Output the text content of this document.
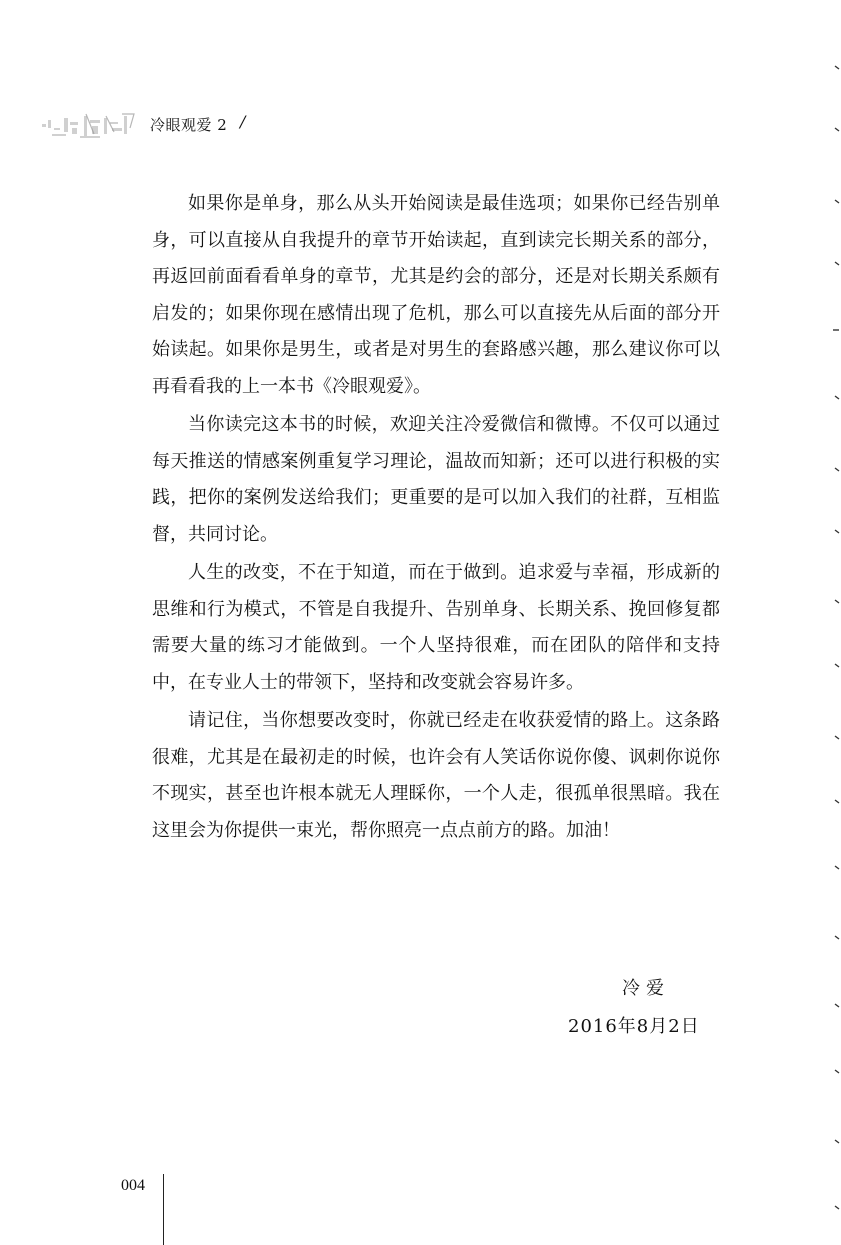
冷眼观爱 2 /

如果你是单身，那么从头开始阅读是最佳选项；如果你已经告别单身，可以直接从自我提升的章节开始读起，直到读完长期关系的部分，再返回前面看看单身的章节，尤其是约会的部分，还是对长期关系颇有启发的；如果你现在感情出现了危机，那么可以直接先从后面的部分开始读起。如果你是男生，或者是对男生的套路感兴趣，那么建议你可以再看看我的上一本书《冷眼观爱》。

当你读完这本书的时候，欢迎关注冷爱微信和微博。不仅可以通过每天推送的情感案例重复学习理论，温故而知新；还可以进行积极的实践，把你的案例发送给我们；更重要的是可以加入我们的社群，互相监督，共同讨论。

人生的改变，不在于知道，而在于做到。追求爱与幸福，形成新的思维和行为模式，不管是自我提升、告别单身、长期关系、挽回修复都需要大量的练习才能做到。一个人坚持很难，而在团队的陪伴和支持中，在专业人士的带领下，坚持和改变就会容易许多。

请记住，当你想要改变时，你就已经走在收获爱情的路上。这条路很难，尤其是在最初走的时候，也许会有人笑话你说你傻、讽刺你说你不现实，甚至也许根本就无人理睬你，一个人走，很孤单很黑暗。我在这里会为你提供一束光，帮你照亮一点点前方的路。加油！

冷爱
2016年8月2日
004
